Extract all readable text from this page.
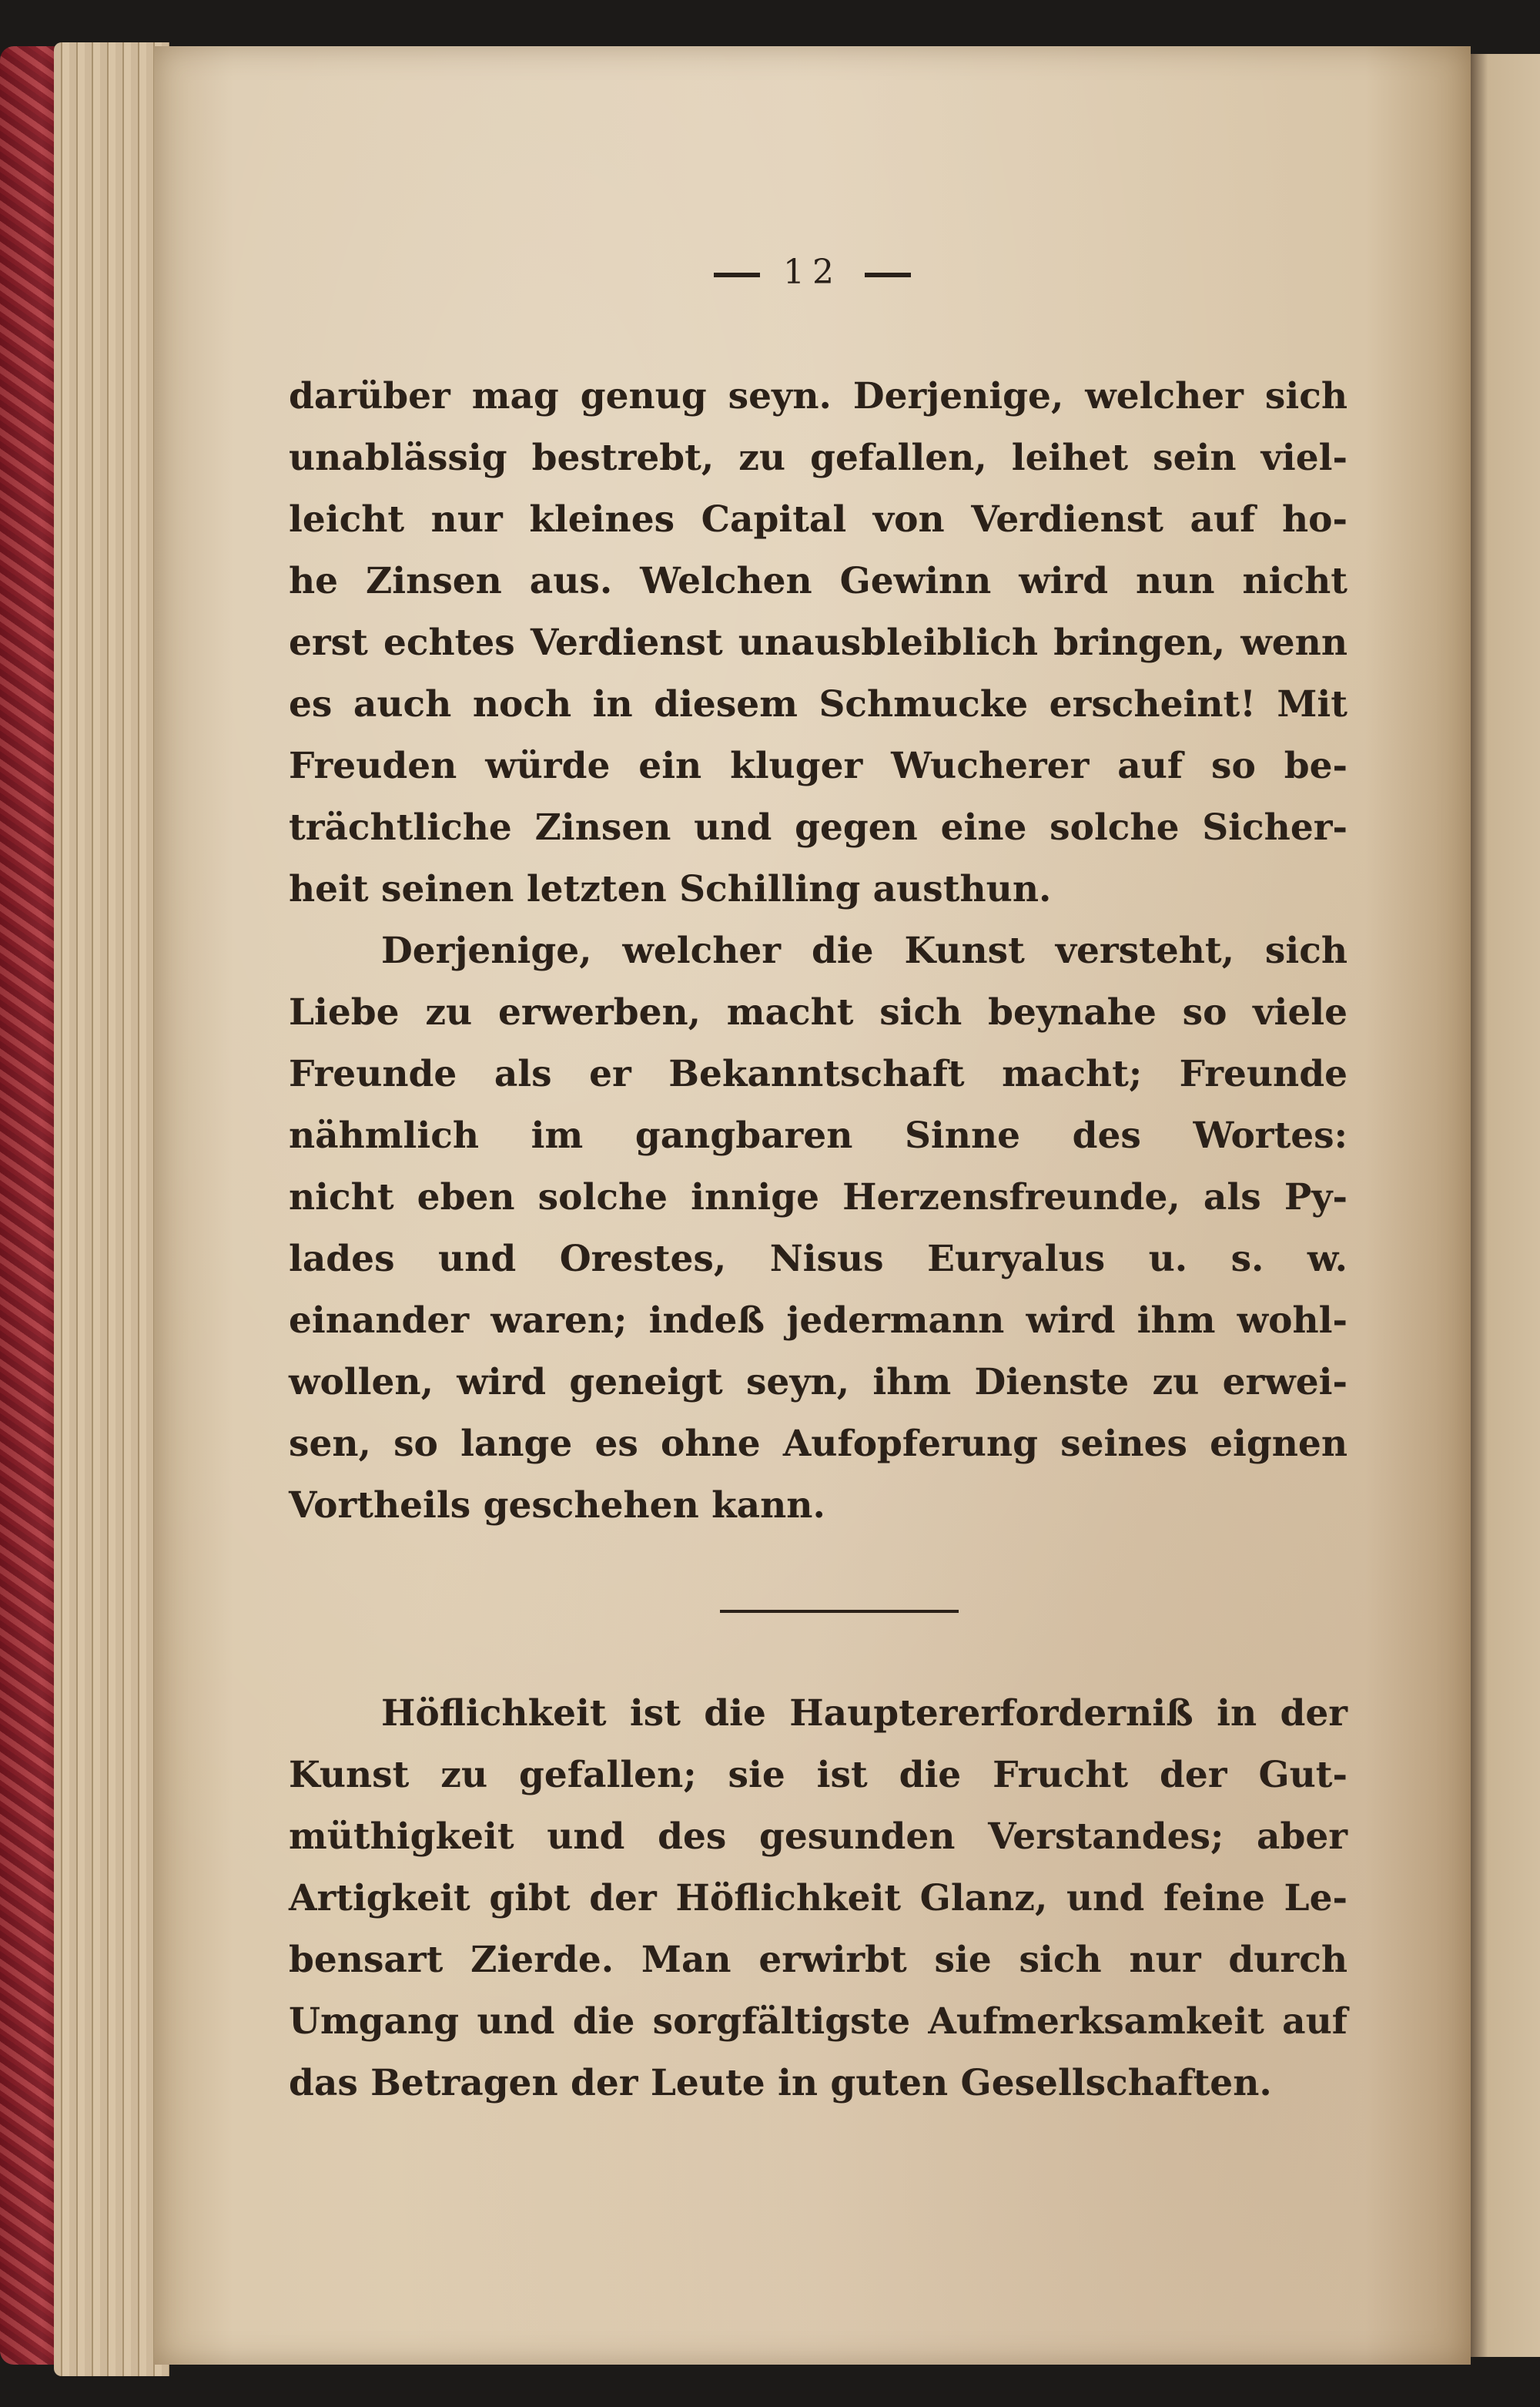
12
darüber mag genug seyn. Derjenige, welcher sich
unablässig bestrebt, zu gefallen, leihet sein viel-
leicht nur kleines Capital von Verdienst auf ho-
he Zinsen aus. Welchen Gewinn wird nun nicht
erst echtes Verdienst unausbleiblich bringen, wenn
es auch noch in diesem Schmucke erscheint! Mit
Freuden würde ein kluger Wucherer auf so be-
trächtliche Zinsen und gegen eine solche Sicher-
heit seinen letzten Schilling austhun.
Derjenige, welcher die Kunst versteht, sich
Liebe zu erwerben, macht sich beynahe so viele
Freunde als er Bekanntschaft macht; Freunde
nähmlich im gangbaren Sinne des Wortes:
nicht eben solche innige Herzensfreunde, als Py-
lades und Orestes, Nisus Euryalus u. s. w.
einander waren; indeß jedermann wird ihm wohl-
wollen, wird geneigt seyn, ihm Dienste zu erwei-
sen, so lange es ohne Aufopferung seines eignen
Vortheils geschehen kann.
Höflichkeit ist die Hauptererforderniß in der
Kunst zu gefallen; sie ist die Frucht der Gut-
müthigkeit und des gesunden Verstandes; aber
Artigkeit gibt der Höflichkeit Glanz, und feine Le-
bensart Zierde. Man erwirbt sie sich nur durch
Umgang und die sorgfältigste Aufmerksamkeit auf
das Betragen der Leute in guten Gesellschaften.
